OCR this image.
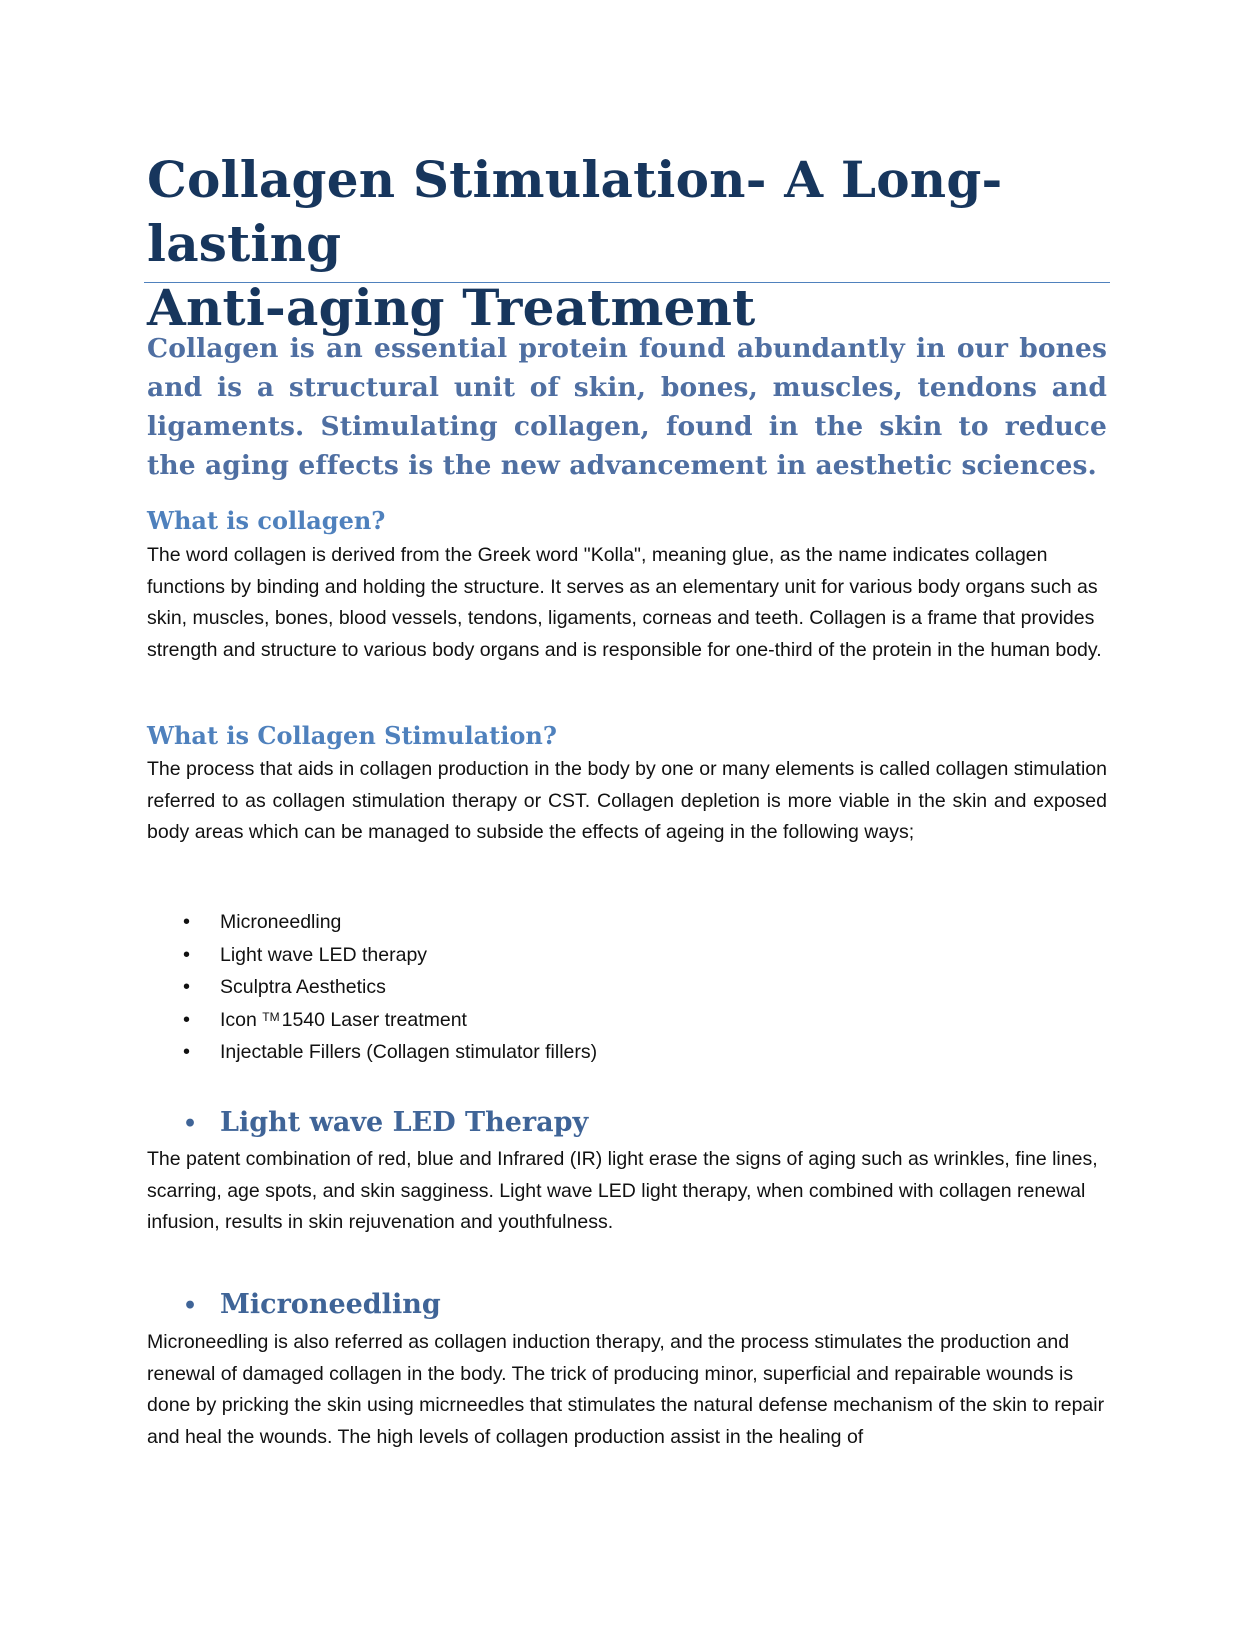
Collagen Stimulation- A Long-lasting
Anti-aging Treatment

Collagen is an essential protein found abundantly in our bones and is a structural unit of skin, bones, muscles, tendons and ligaments. Stimulating collagen, found in the skin to reduce the aging effects is the new advancement in aesthetic sciences.

What is collagen?

The word collagen is derived from the Greek word "Kolla", meaning glue, as the name indicates collagen functions by binding and holding the structure. It serves as an elementary unit for various body organs such as skin, muscles, bones, blood vessels, tendons, ligaments, corneas and teeth. Collagen is a frame that provides strength and structure to various body organs and is responsible for one-third of the protein in the human body.

What is Collagen Stimulation?

The process that aids in collagen production in the body by one or many elements is called collagen stimulation referred to as collagen stimulation therapy or CST. Collagen depletion is more viable in the skin and exposed body areas which can be managed to subside the effects of ageing in the following ways;

• Microneedling
• Light wave LED therapy
• Sculptra Aesthetics
• Icon ™ 1540 Laser treatment
• Injectable Fillers (Collagen stimulator fillers)
• Light wave LED Therapy

The patent combination of red, blue and Infrared (IR) light erase the signs of aging such as wrinkles, fine lines, scarring, age spots, and skin sagginess. Light wave LED light therapy, when combined with collagen renewal infusion, results in skin rejuvenation and youthfulness.

• Microneedling

Microneedling is also referred as collagen induction therapy, and the process stimulates the production and renewal of damaged collagen in the body. The trick of producing minor, superficial and repairable wounds is done by pricking the skin using micrneedles that stimulates the natural defense mechanism of the skin to repair and heal the wounds. The high levels of collagen production assist in the healing of
